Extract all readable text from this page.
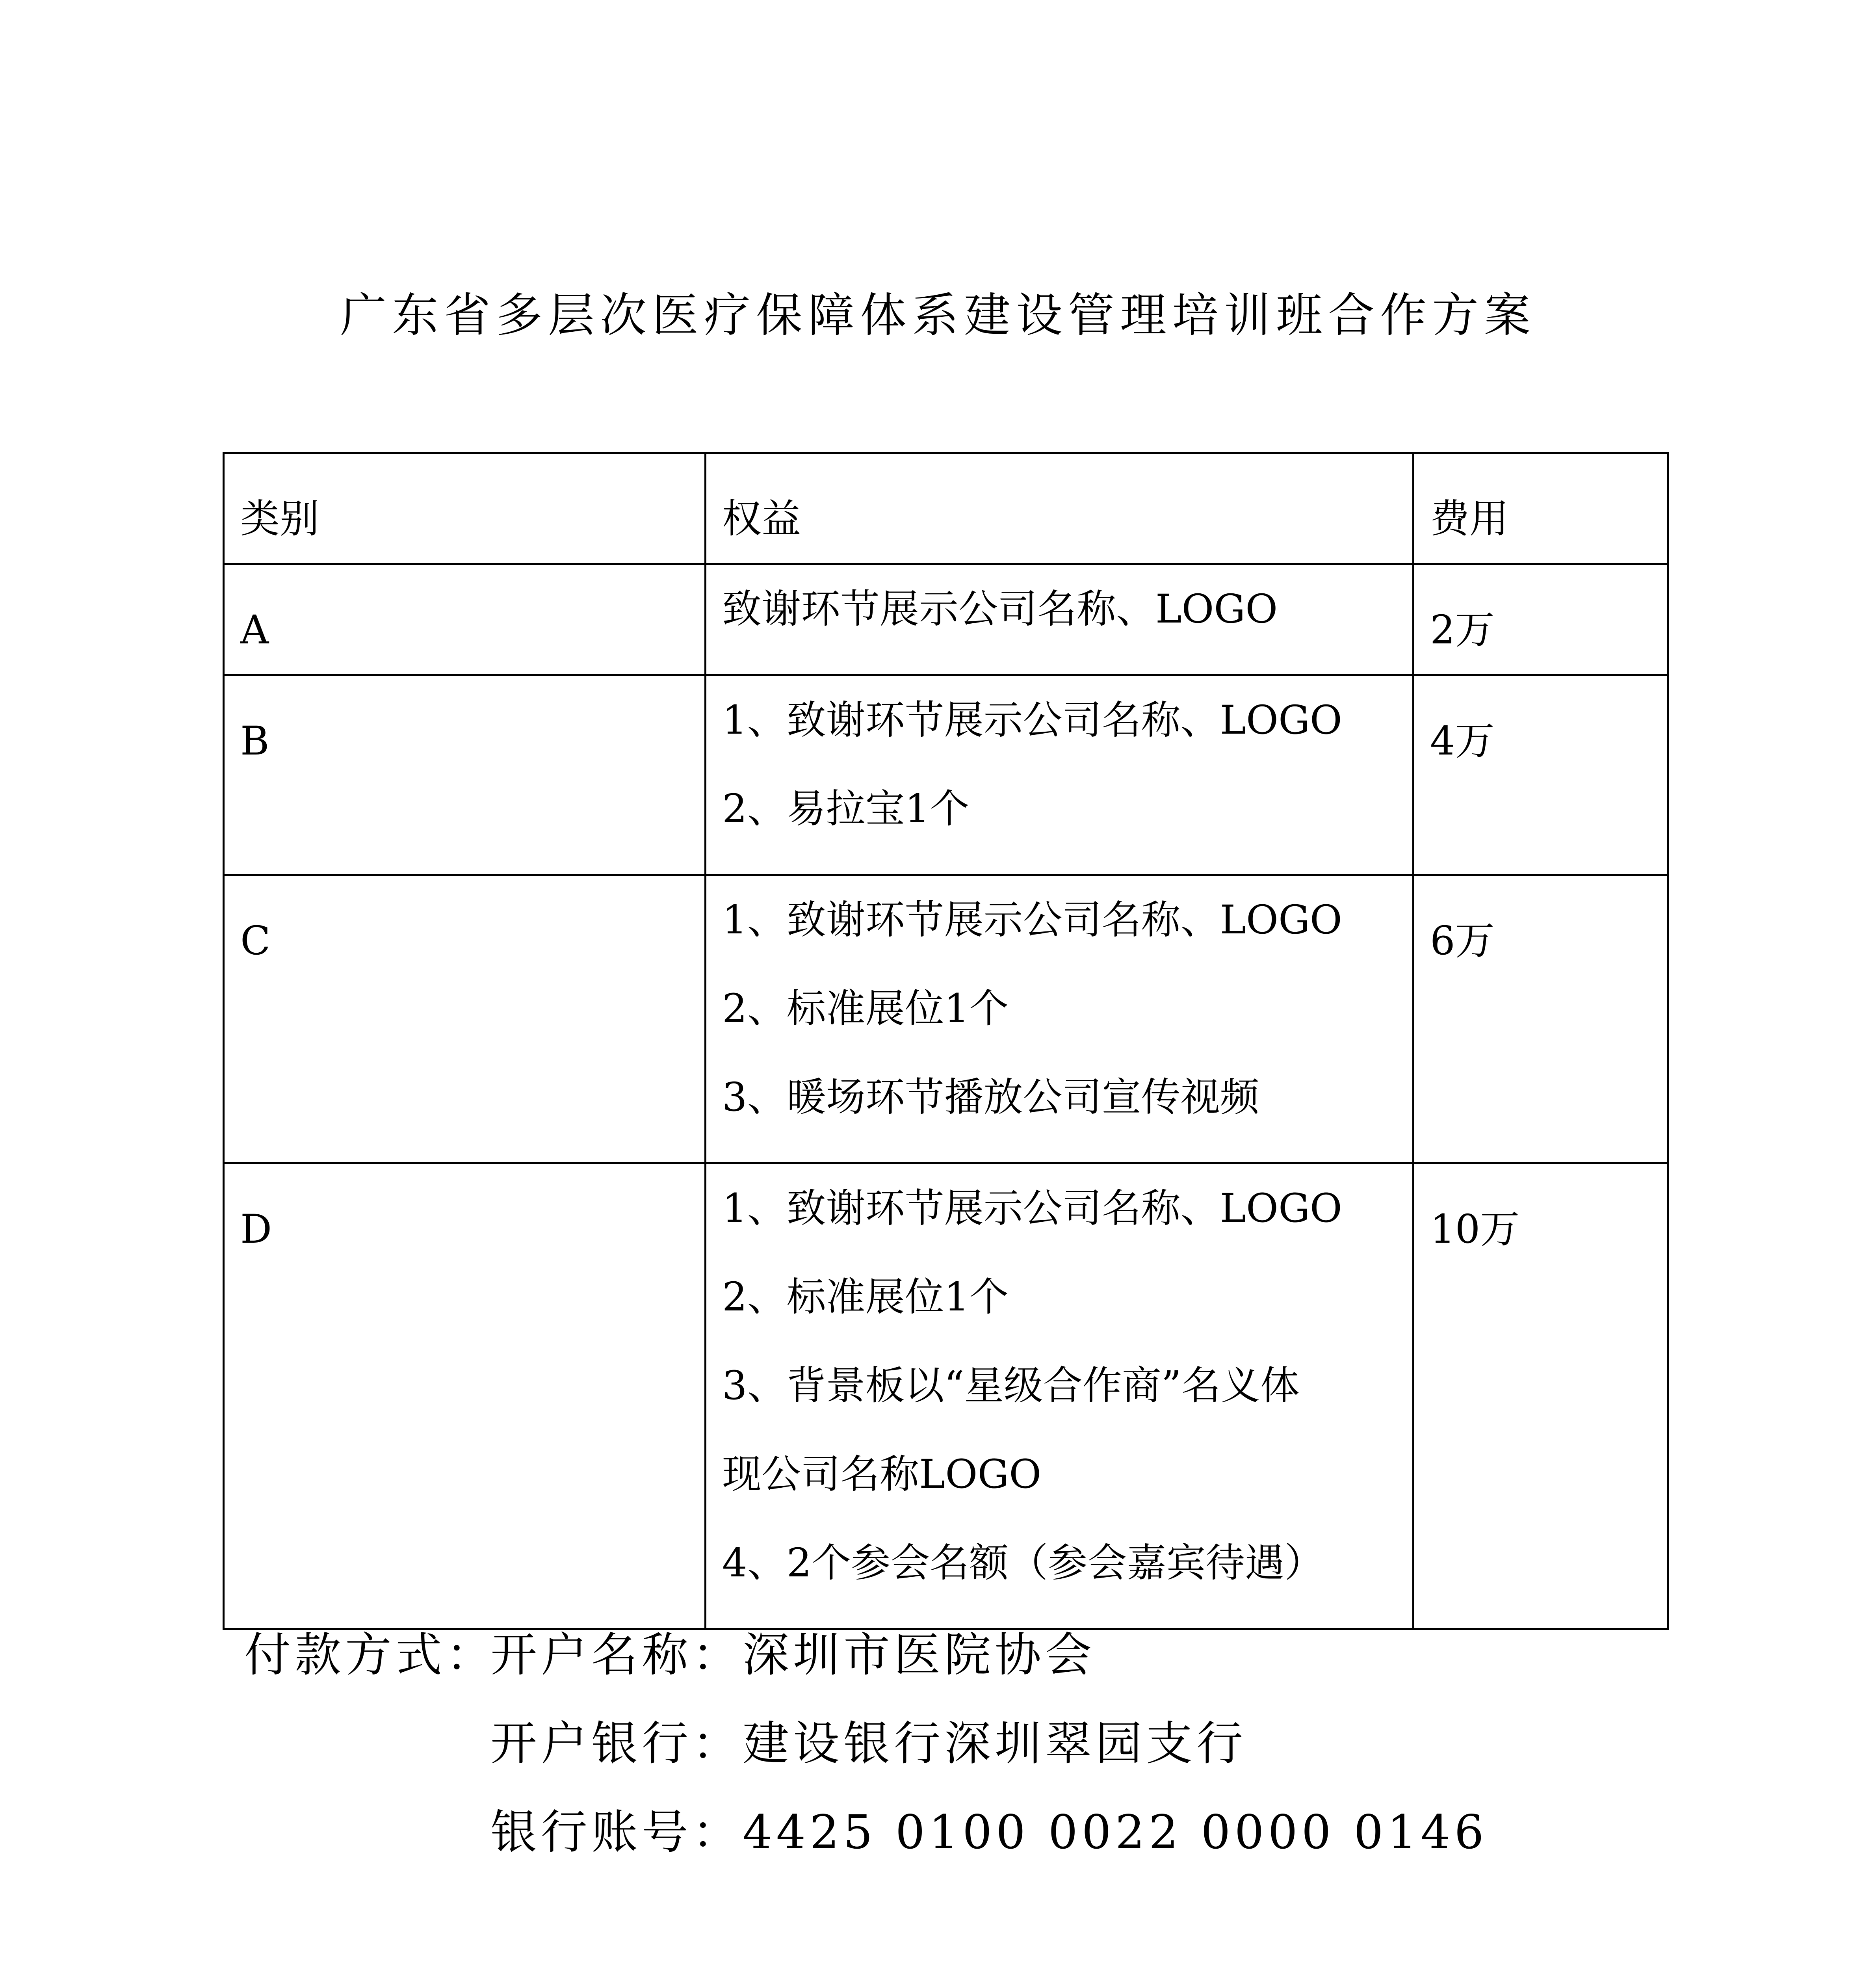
广东省多层次医疗保障体系建设管理培训班合作方案
类别	权益	费用
A	致谢环节展示公司名称、LOGO	2万
B	1、致谢环节展示公司名称、LOGO
2、易拉宝1个	4万
C	1、致谢环节展示公司名称、LOGO
2、标准展位1个
3、暖场环节播放公司宣传视频	6万
D	1、致谢环节展示公司名称、LOGO
2、标准展位1个
3、背景板以“星级合作商”名义体
现公司名称LOGO
4、2个参会名额（参会嘉宾待遇）	10万
付款方式：开户名称：深圳市医院协会
开户银行：建设银行深圳翠园支行
银行账号：4425 0100 0022 0000 0146
